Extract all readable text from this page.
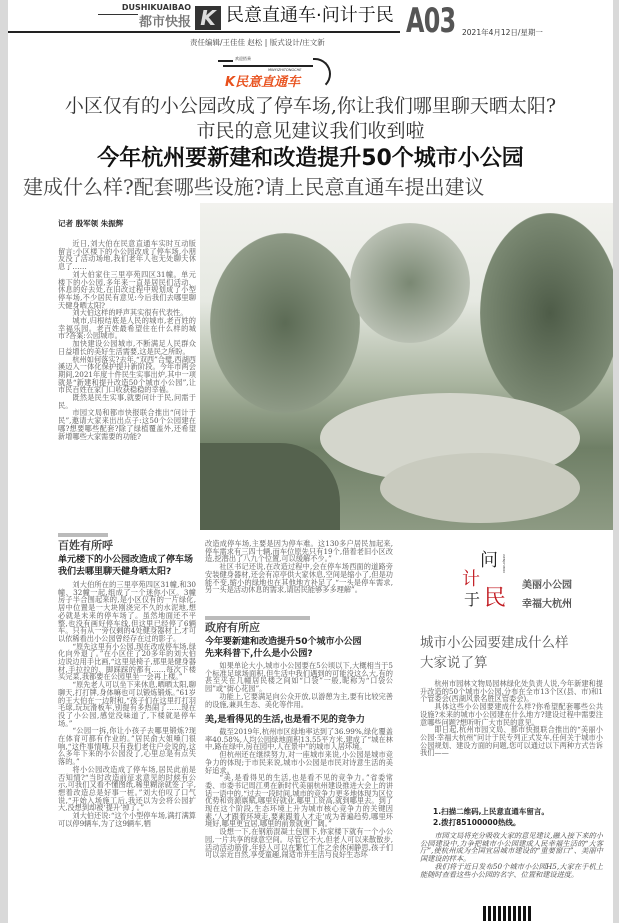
DUSHIKUAIBAO
都市快报 K 民意直通车·问计于民 A03 2021年4月12日/星期一
责任编辑/王佳佳 赵松 | 版式设计/庄文新
欢迎搭乘
MINYIZHITONGCHE
K民意直通车
小区仅有的小公园改成了停车场,你让我们哪里聊天晒太阳?
市民的意见建议我们收到啦
今年杭州要新建和改造提升50个城市小公园
建成什么样?配套哪些设施?请上民意直通车提出建议
记者 殷军领 朱振辉

近日,刘大伯在民意直通车实时互动版留言:小区楼下的小公园改成了停车场,小朋友没了活动场地,我们老年人也无处聊天休息了……

刘大伯家住三里亭苑四区31幢。单元楼下的小公园,多年来一直是居民们活动、休息的好去处,在旧改过程中规划成了小型停车场,不少居民有意见:今后我们去哪里聊天健身晒太阳?

刘大伯这样的呼声其实很有代表性。

城市,归根结底是人民的城市,老百姓的幸福乐园。老百姓最希望住在什么样的城市?答案:公园城市。

加快建设公园城市,不断满足人民群众日益增长的美好生活需要,这是民之所盼。

杭州如何落实?去年,“双西”合璧,西湖西溪迈入一体化保护提升新阶段。今年市两会期间,2021年度十件民生实事出炉,其中一项就是“新建和提升改造50个城市小公园”,让市民百姓在家门口收获稳稳的幸福。

既然是民生实事,就要问计于民,问需于民。

市园文局和都市快报联合推出“问计于民”,邀请大家来出出点子:这50个公园建在哪?想要哪些配套?除了绿植覆盖外,还希望新增哪些大家需要的功能?

百姓有所呼
单元楼下的小公园改造成了停车场
我们去哪里聊天健身晒太阳?

刘大伯所在的三里亭苑四区31幢,和30幢、32幢一起,组成了一个迷你小区。3幢房子半合围起来的,是小区仅有的一片绿化,居中位置是一大块刚浇完不久的水泥地,想必就是未来的停车场了。虽然地面还不平整,也没有画好停车线,但这里已经停了6辆车。只有从一旁仅剩的4处健身器材上,才可以依稀看出小公园曾经存在过的影子。

“原先这里有小公园,现在改成停车场,绿化向外退了。”在小区住了20多年的刘大伯边说边用手比画,“这里是椅子,那里是健身器材,手拉拉的、脚踩踩的都有……每次下楼买完菜,我都要在公园里坐一会再上楼。”

“原先老人可以坐下来休息,晒晒太阳,聊聊天,打打牌,身体嘛也可以锻炼锻炼。”61岁的王大伯在一边附和,“孩子们在这里打打羽毛球,玩玩滑板车,别提有多热闹了……现在没了小公园,感觉没味道了,下楼就是停车场。”

“公园一拆,你让小孩子去哪里锻炼?现在体育可都有作业的。”居民俞大姐嗓门很响,“这件事情哦,只有我们老住户会说的,这么多年下来的小公园没了,心里总是有点失落的。”

将小公园改造成了停车场,居民此前是否知情?“当时改造前征求意见的时候有公示,可我们又看不懂图纸,稀里糊涂就签了字,想着改造总是好事一桩。”刘大伯叹了口气说,“开始入场施工后,我还以为会将公园扩大,没想到却被‘提升’掉了。”

刘大伯还说:“这个小型停车场,满打满算可以停9辆车,为了这9辆车,牺

改造成停车场,主要是因为停车难。这130多户居民加起来,停车需求有三四十辆,而车位原先只有19个,借着老旧小区改造,挖潜出了八九个位置,可以缓解不少。”

社区书记还说,在改造过程中,会在停车场西面的道路旁安装健身器材,还会有凉亭供大家休息,空间是缩小了,但是功能不变,缩小的绿地也在其他地方补足了,“一头是停车需求,另一头是活动休息的需求,请居民能够多多理解”。

政府有所应
今年要新建和改造提升50个城市小公园
先来科普下,什么是小公园?

如果单论大小,城市小公园要在5公顷以下,大概相当于5个标准足球场面积,但生活中我们遇到的可能没这么大,有的甚至夹在几幢居民楼之间如“口袋”一般,昵称为“口袋公园”或“街心花园”。

功能上,它要满足向公众开放,以游憩为主,要有比较完善的设施,兼具生态、美化等作用。

美,是看得见的生活,也是看不见的竞争力

截至2019年,杭州市区绿地率达到了36.99%,绿化覆盖率40.58%,人均公园绿地面积13.55平方米,建成了“城在林中,路在绿中,房在园中,人在景中”的城市人居环境。

但杭州还在继续努力,对一座城市来说,小公园是城市竞争力的体现;于市民来说,城市小公园是市民对诗意生活的美好追求。

“美,是看得见的生活,也是看不见的竞争力。”省委常委、市委书记周江勇在新时代美丽杭州建设推进大会上的讲话一语中的,“过去一段时间,城市的竞争力更多地体现为区位优势和资源禀赋,哪里好就业,哪里工资高,就到哪里去。到了现在这个阶段,生态环境上升为城市核心竞争力的关键因素,‘人才跟着环境走,要素跟着人才走’成为普遍趋势,哪里环境好,哪里更宜居,哪里的前景就更广阔。”

设想一下,在钢筋混凝土包围下,你家楼下就有一个小公园,一片共享的绿意空间。尽管它不大,但老人可以来散散步,活动活动筋骨,年轻人可以在繁忙工作之余休闲静思,孩子们可以亲近自然,享受童趣,闹适市井生活与良好生态环

问
计
于 民
WENJIYUMIN
美丽小公园
幸福大杭州
城市小公园要建成什么样
大家说了算

杭州市园林文物局园林绿化处负责人说,今年新建和提升改造的50个城市小公园,分布在全市13个区(县、市)和1个管委会(西湖风景名胜区管委会)。

具体这些小公园要建成什么样?你希望配套哪些公共设施?未来的城市小公园建在什么地方?建设过程中需要注意哪些问题?想听听广大市民的意见。

即日起,杭州市园文局、都市快报联合推出的“美丽小公园·幸福大杭州”问计于民专列正式发车,任何关于城市小公园规划、建设方面的问题,您可以通过以下两种方式告诉我们——

1.扫描二维码,上民意直通车留言。
2.拨打85100000热线。

市园文局将充分吸收大家的意见建议,融入接下来的小公园建设中,力争把城市小公园建成人民幸福生活的“大客厅”,使杭州成为全国宜居城市建设的“重要窗口”、美丽中国建设的样本。

我们将于近日发布50个城市小公园H5,大家在手机上能随时查看这些小公园的名字、位置和建设进度。
